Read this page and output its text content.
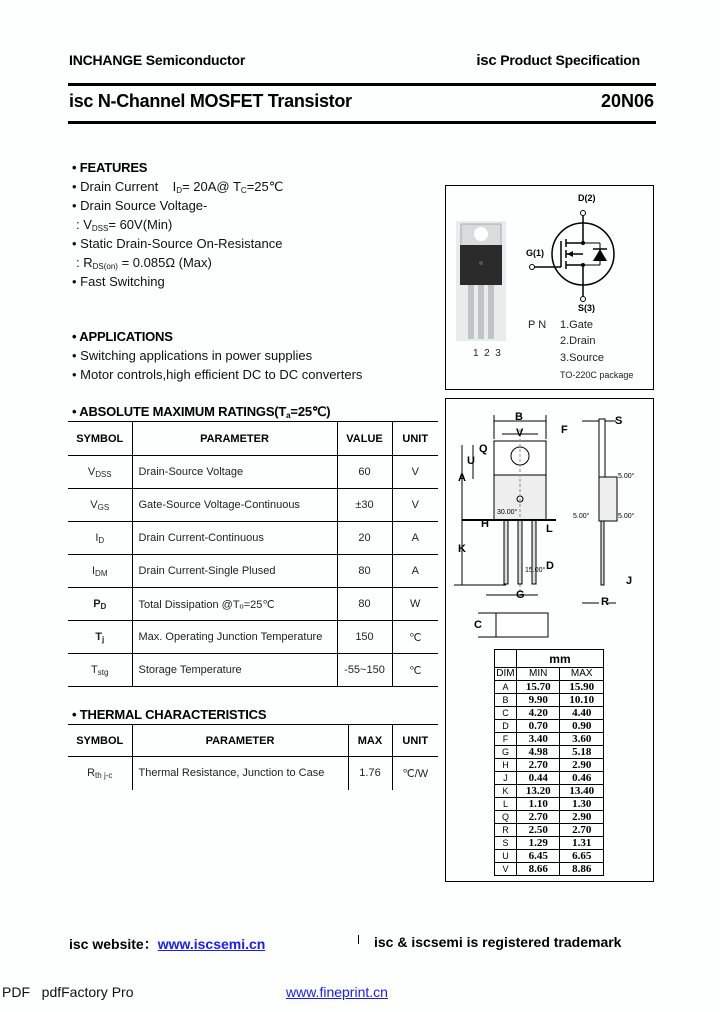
INCHANGE Semiconductor	isc Product Specification
isc N-Channel MOSFET Transistor	20N06
• FEATURES
• Drain Current $I_D=$ 20A@ $T_C=25℃$
• Drain Source Voltage-
: $V_{DSS}= 60V(Min)$
• Static Drain-Source On-Resistance
: $R_{DS(on)} = 0.085\Omega$ (Max)
• Fast Switching
• APPLICATIONS
• Switching applications in power supplies
• Motor controls,high efficient DC to DC converters
• ABSOLUTE MAXIMUM $RATINGS(T_a=25℃)$
SYMBOL	PARAMETER	VALUE	UNIT
$V_{DSS}$	Drain-Source Voltage	60	V
$V_{GS}$	Gate-Source Voltage-Continuous	±30	V
$I_D$	Drain Current-Continuous	20	A
$I_{DM}$	Drain Current-Single Plused	80	A
$P_D$	Total Dissipation @Tₒ=25℃	80	W
$T_j$	Max. Operating Junction Temperature	150	℃
$T_{stg}$	Storage Temperature	-55~150	℃
• THERMAL CHARACTERISTICS
SYMBOL	PARAMETER	MAX	UNIT
$R_{th j-c}$	Thermal Resistance, Junction to Case	1.76	℃/W
1  2  3
D(2)
G(1)
S(3)
P N 1.Gate
2.Drain
3.Source
TO-220C package
B
V
S
F
Q
U
A
H	L
K
D
G
J
R
C
30.00°
5.00°
5.00°	5.00°
15.00°
	mm	
DIM	MIN	MAX
A	15.70	15.90
B	9.90	10.10
C	4.20	4.40
D	0.70	0.90
F	3.40	3.60
G	4.98	5.18
H	2.70	2.90
J	0.44	0.46
K	13.20	13.40
L	1.10	1.30
Q	2.70	2.90
R	2.50	2.70
S	1.29	1.31
U	6.45	6.65
V	8.66	8.86
isc website：www.iscsemi.cn	isc & iscsemi is registered trademark
PDF   pdfFactory Pro	www.fineprint.cn
